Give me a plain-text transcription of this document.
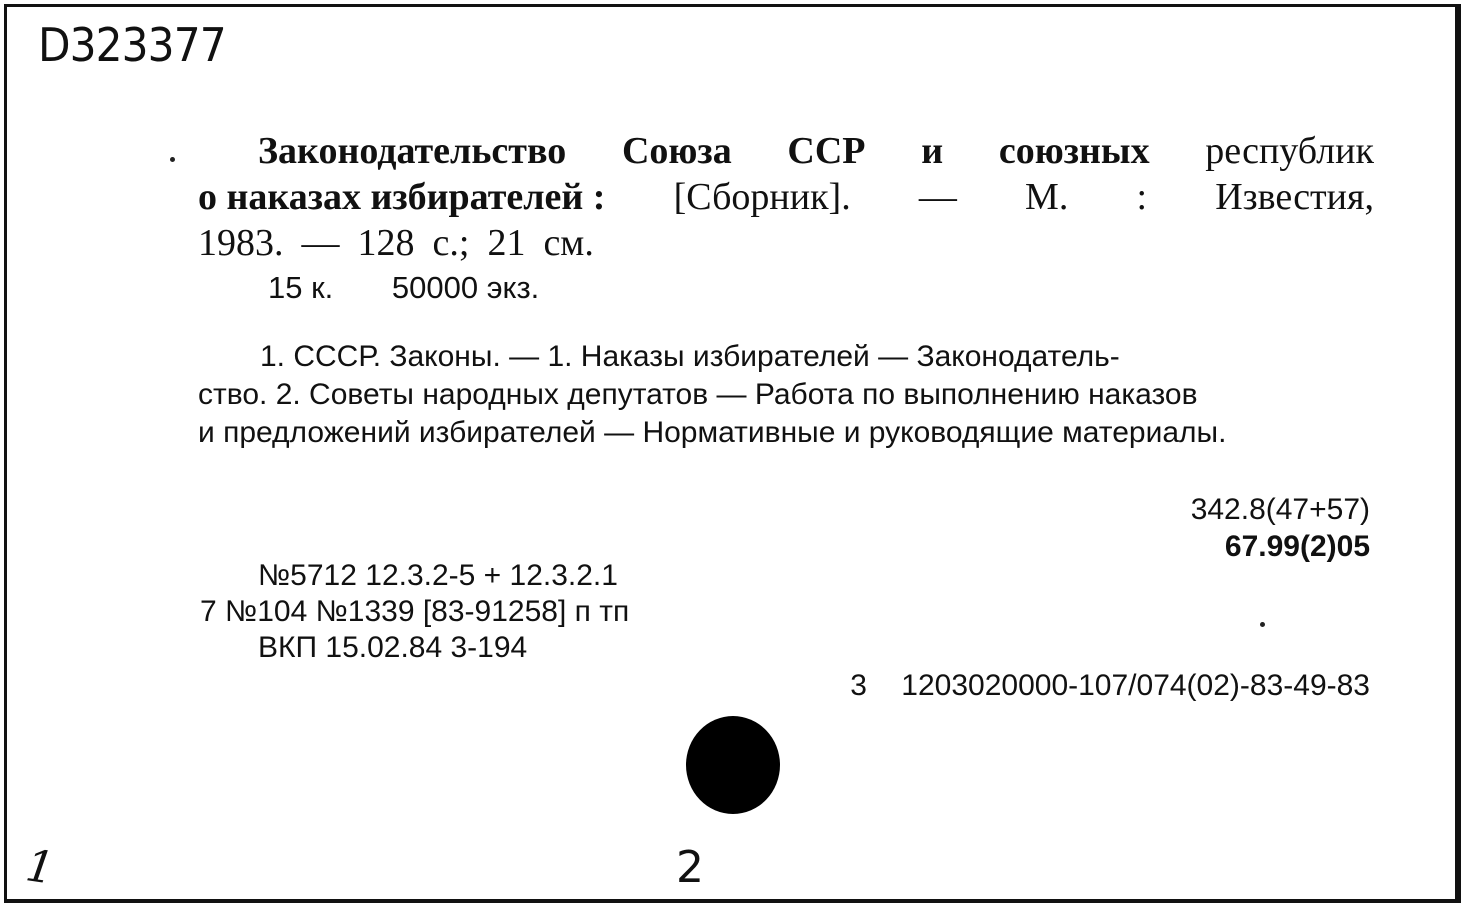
D323377
Законодательство Союза ССР и союзных республик
о наказах избирателей : [Сборник]. — М. : Известия,
1983. — 128 с.; 21 см.
15 к. 50000 экз.
1. СССР. Законы. — 1. Наказы избирателей — Законодатель-
ство. 2. Советы народных депутатов — Работа по выполнению наказов
и предложений избирателей — Нормативные и руководящие материалы.
342.8(47+57)
67.99(2)05
№5712 12.3.2-5 + 12.3.2.1
7 №104 №1339 [83-91258] п тп
ВКП 15.02.84 3-194
3 1203020000-107/074(02)-83-49-83
1	2
